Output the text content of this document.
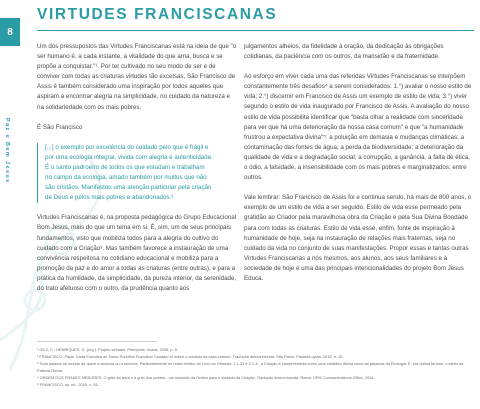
8
Paz e Bem Jesus
VIRTUDES FRANCISCANAS

Um dos pressupostos das Virtudes Franciscanas está na ideia de que "o ser humano é, a cada instante, a vitalidade do que ama, busca e se propõe a conquistar."¹. Por ter cultivado no seu modo de ser e de conviver com todas as criaturas virtudes tão excelsas, São Francisco de Assis é também considerado uma inspiração por todos aqueles que aspiram a encontrar alegria na simplicidade, no cuidado da natureza e na solidariedade com os mais pobres.

É São Francisco

[...] o exemplo por excelência do cuidado pelo que é frágil e por uma ecologia integral, vivida com alegria e autenticidade. É o santo padroeiro de todos os que estudam e trabalham no campo da ecologia, amado também por muitos que não são cristãos. Manifestou uma atenção particular pela criação de Deus e pelos mais pobres e abandonados.²

Virtudes Franciscanas é, na proposta pedagógica do Grupo Educacional Bom Jesus, mais do que um tema em si. É, sim, um de seus principais fundamentos, visto que mobiliza todos para a alegria do cultivo do cuidado com a Criação³. Mas também favorece a instauração de uma convivência respeitosa no cotidiano educacional e mobiliza para a promoção da paz e do amor a todas as criaturas (entre outras), e para a prática da humildade, da simplicidade, da pureza interior, da serenidade, do trato afetuoso com o outro, da prudência quanto aos

julgamentos alheios, da fidelidade à oração, da dedicação às obrigações cotidianas, da paciência com os outros, da mansidão e da fraternidade.

Ao esforço em viver cada uma das referidas Virtudes Franciscanas se interpõem constantemente três desafios⁴ a serem considerados: 1.°) avaliar o nosso estilo de vida; 2.°) discernir em Francisco de Assis um exemplo de estilo de vida; 3.°) viver segundo o estilo de vida inaugurado por Francisco de Assis. A avaliação do nosso estilo de vida possibilita identificar que "basta olhar a realidade com sinceridade para ver que há uma deterioração da nossa casa comum" e que "a humanidade frustrou a expectativa divina"⁵: a poluição em demasia e mudanças climáticas; a contaminação das fontes de água; a perda da biodiversidade; a deterioração da qualidade de vida e a degradação social; a corrupção, a ganância, a falta de ética, o ódio, a falsidade, a insensibilidade com os mais pobres e marginalizados; entre outros.

Vale lembrar: São Francisco de Assis foi e continua sendo, há mais de 800 anos, o exemplo de um estilo de vida a ser seguido. Estilo de vida esse permeado pela gratidão ao Criador pela maravilhosa obra da Criação e pela Sua Divina Bondade para com todas as criaturas. Estilo de vida esse, enfim, fonte de inspiração à humanidade de hoje, seja na instauração de relações mais fraternas, seja no cuidado da vida no conjunto de suas manifestações. Propor essas e tantas outras Virtudes Franciscanas a nós mesmos, aos alunos, aos seus familiares e à sociedade de hoje é uma das principais intencionalidades do projeto Bom Jesus Educa.

¹ GILZ, C.; HENRIQUES, G. (org.). Projeto virtudes. Petrópolis: Vozes, 2008, p. 9.

² FRANCISCO, Papa. Carta Encíclica do Sumo Pontífice Francisco 'Laudato si' sobre o cuidado da casa comum. Tradução desconhecida. São Paulo: Paulus/Loyola, 2015, n. 10.

³ Toda palavra do mundo de quem a anuncia ou a escreve. Particularmente no relato bíblico do Livro do Gênesis: 1.1-31 e 2.1-4., a Criação é compreendida como uma iniciativa divina como as palavras da Ecologia. É, em outros termos, o efeito da Palavra Divina.

⁴ ORDEM DOS FRADES MENORES. O grito da terra e o grito dos pobres - um subsídio da Ordem para o cuidado da Criação. Tradução desconhecida. Roma: OFM Communications Office, 2014.

⁵ FRANCISCO, op. cit., 2015, n. 61.
